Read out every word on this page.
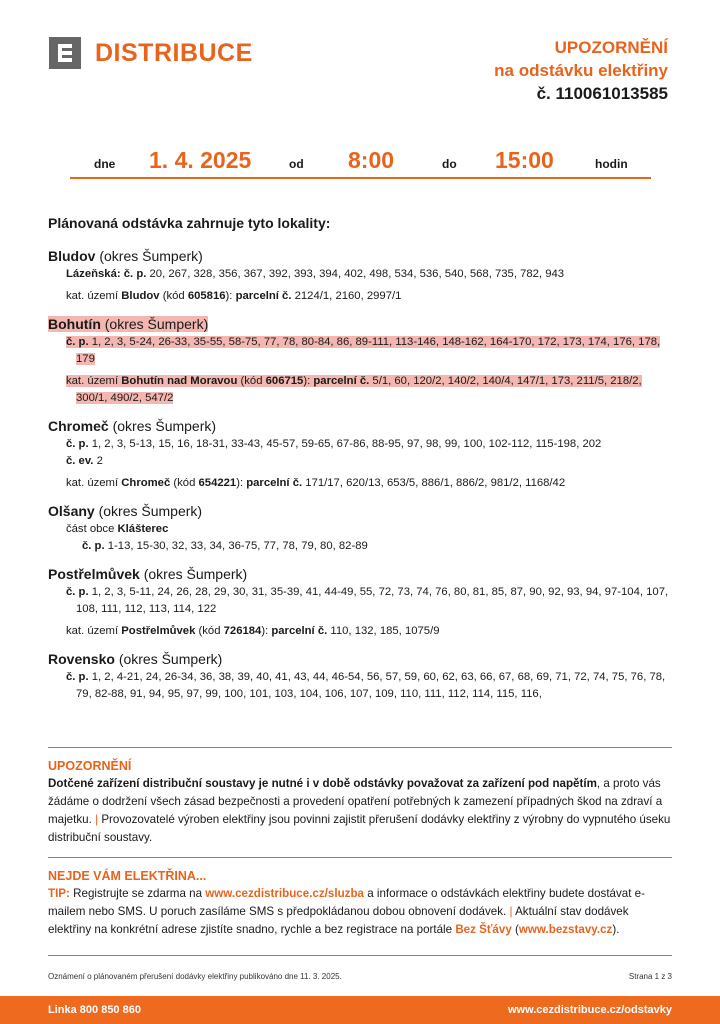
DISTRIBUCE	UPOZORNĚNÍ
na odstávku elektřiny
č. 110061013585
dne 1. 4. 2025	od 8:00	do 15:00	hodin
Plánovaná odstávka zahrnuje tyto lokality:
Bludov (okres Šumperk)
Lázeňská: č. p. 20, 267, 328, 356, 367, 392, 393, 394, 402, 498, 534, 536, 540, 568, 735, 782, 943
kat. území Bludov (kód 605816): parcelní č. 2124/1, 2160, 2997/1
Bohutín (okres Šumperk)
č. p. 1, 2, 3, 5-24, 26-33, 35-55, 58-75, 77, 78, 80-84, 86, 89-111, 113-146, 148-162, 164-170, 172, 173, 174, 176, 178, 179
kat. území Bohutín nad Moravou (kód 606715): parcelní č. 5/1, 60, 120/2, 140/2, 140/4, 147/1, 173, 211/5, 218/2, 300/1, 490/2, 547/2
Chromeč (okres Šumperk)
č. p. 1, 2, 3, 5-13, 15, 16, 18-31, 33-43, 45-57, 59-65, 67-86, 88-95, 97, 98, 99, 100, 102-112, 115-198, 202
č. ev. 2
kat. území Chromeč (kód 654221): parcelní č. 171/17, 620/13, 653/5, 886/1, 886/2, 981/2, 1168/42
Olšany (okres Šumperk)
část obce Klášterec
č. p. 1-13, 15-30, 32, 33, 34, 36-75, 77, 78, 79, 80, 82-89
Postřelmůvek (okres Šumperk)
č. p. 1, 2, 3, 5-11, 24, 26, 28, 29, 30, 31, 35-39, 41, 44-49, 55, 72, 73, 74, 76, 80, 81, 85, 87, 90, 92, 93, 94, 97-104, 107, 108, 111, 112, 113, 114, 122
kat. území Postřelmůvek (kód 726184): parcelní č. 110, 132, 185, 1075/9
Rovensko (okres Šumperk)
č. p. 1, 2, 4-21, 24, 26-34, 36, 38, 39, 40, 41, 43, 44, 46-54, 56, 57, 59, 60, 62, 63, 66, 67, 68, 69, 71, 72, 74, 75, 76, 78, 79, 82-88, 91, 94, 95, 97, 99, 100, 101, 103, 104, 106, 107, 109, 110, 111, 112, 114, 115, 116,
UPOZORNĚNÍ
Dotčené zařízení distribuční soustavy je nutné i v době odstávky považovat za zařízení pod napětím, a proto vás žádáme o dodržení všech zásad bezpečnosti a provedení opatření potřebných k zamezení případných škod na zdraví a majetku. | Provozovatelé výroben elektřiny jsou povinni zajistit přerušení dodávky elektřiny z výrobny do vypnutého úseku distribuční soustavy.
NEJDE VÁM ELEKTŘINA...
TIP: Registrujte se zdarma na www.cezdistribuce.cz/sluzba a informace o odstávkách elektřiny budete dostávat e-mailem nebo SMS. U poruch zasíláme SMS s předpokládanou dobou obnovení dodávek. | Aktuální stav dodávek elektřiny na konkrétní adrese zjistíte snadno, rychle a bez registrace na portále Bez Šťávy (www.bezstavy.cz).
Oznámení o plánovaném přerušení dodávky elektřiny publikováno dne 11. 3. 2025.	Strana 1 z 3
Linka 800 850 860	www.cezdistribuce.cz/odstavky
